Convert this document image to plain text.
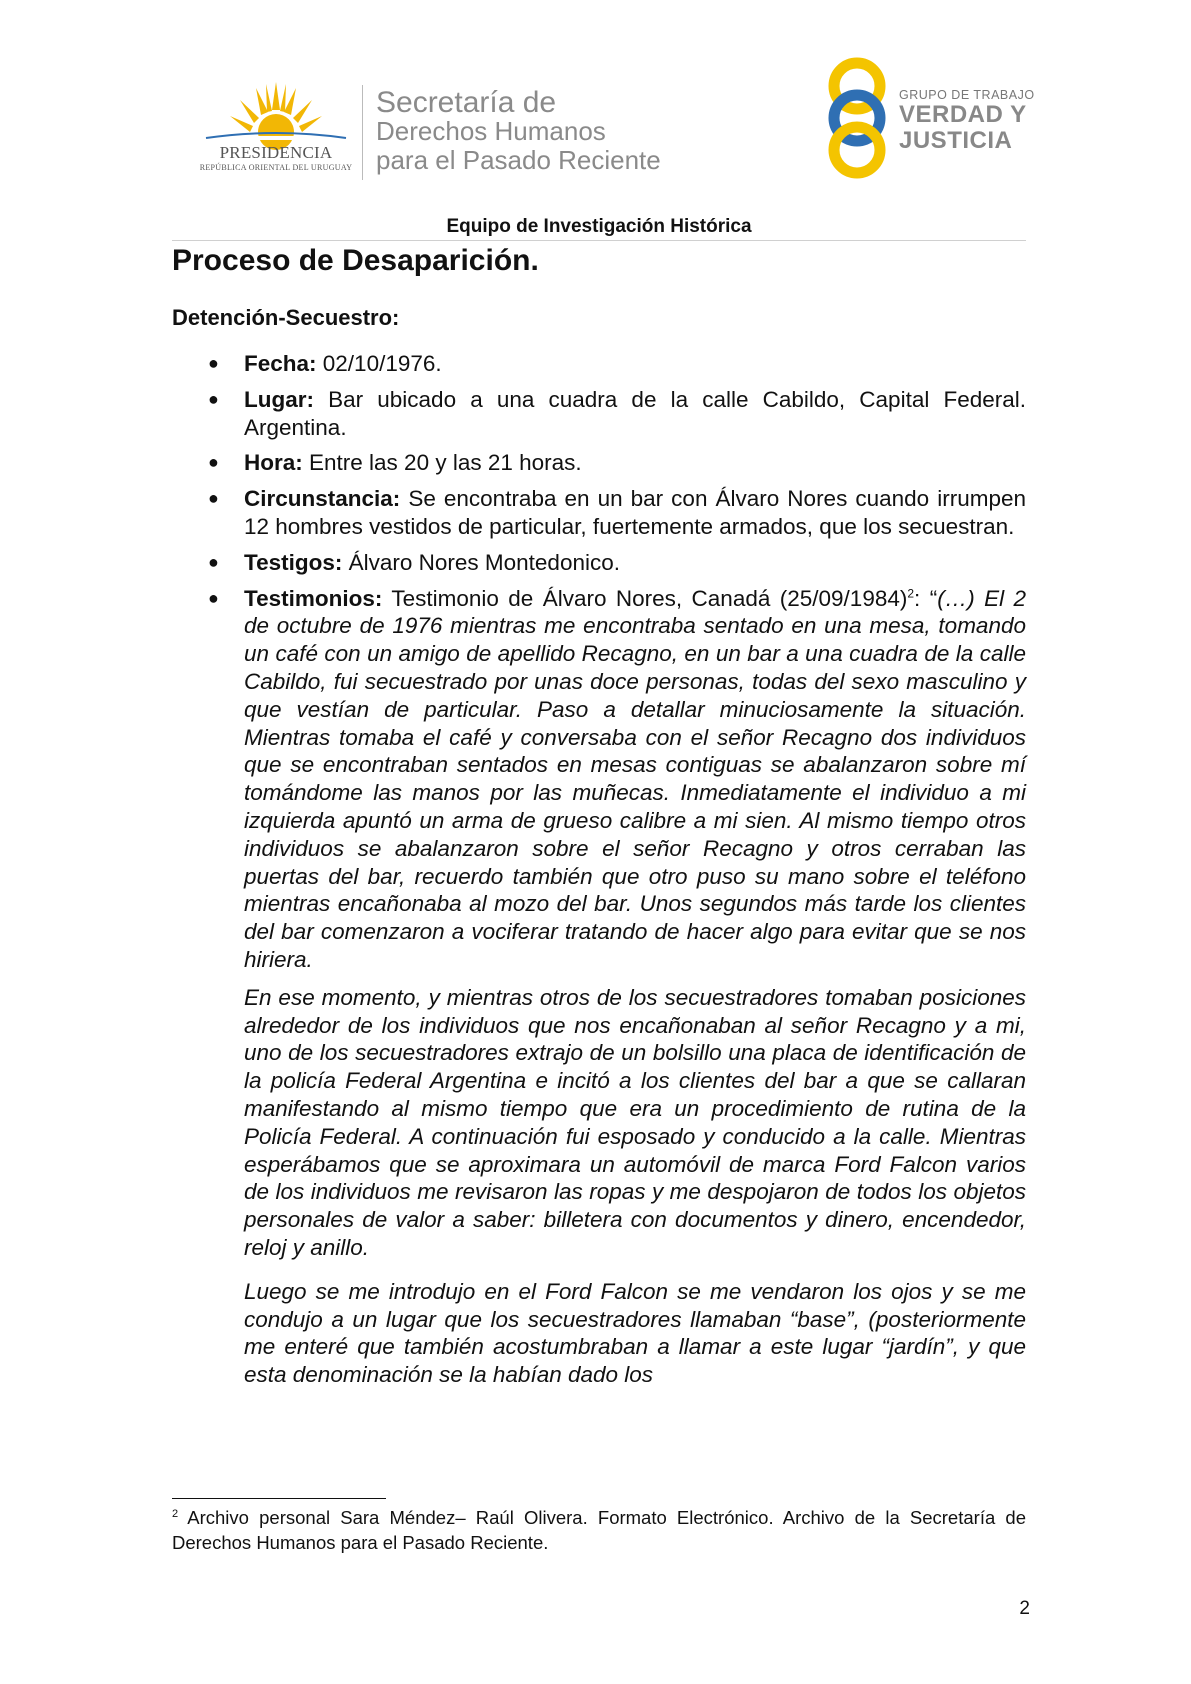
PRESIDENCIA
REPÚBLICA ORIENTAL DEL URUGUAY
Secretaría de
Derechos Humanos
para el Pasado Reciente
GRUPO DE TRABAJO
VERDAD Y
JUSTICIA
Equipo de Investigación Histórica
Proceso de Desaparición.
Detención-Secuestro:
● Fecha: 02/10/1976.
● Lugar: Bar ubicado a una cuadra de la calle Cabildo, Capital Federal. Argentina.
● Hora: Entre las 20 y las 21 horas.
● Circunstancia: Se encontraba en un bar con Álvaro Nores cuando irrumpen 12 hombres vestidos de particular, fuertemente armados, que los secuestran.
● Testigos: Álvaro Nores Montedonico.
● Testimonios: Testimonio de Álvaro Nores, Canadá $(25/09/1984)^2$: “(…) El 2 de octubre de 1976 mientras me encontraba sentado en una mesa, tomando un café con un amigo de apellido Recagno, en un bar a una cuadra de la calle Cabildo, fui secuestrado por unas doce personas, todas del sexo masculino y que vestían de particular. Paso a detallar minuciosamente la situación. Mientras tomaba el café y conversaba con el señor Recagno dos individuos que se encontraban sentados en mesas contiguas se abalanzaron sobre mí tomándome las manos por las muñecas. Inmediatamente el individuo a mi izquierda apuntó un arma de grueso calibre a mi sien. Al mismo tiempo otros individuos se abalanzaron sobre el señor Recagno y otros cerraban las puertas del bar, recuerdo también que otro puso su mano sobre el teléfono mientras encañonaba al mozo del bar. Unos segundos más tarde los clientes del bar comenzaron a vociferar tratando de hacer algo para evitar que se nos hiriera.

En ese momento, y mientras otros de los secuestradores tomaban posiciones alrededor de los individuos que nos encañonaban al señor Recagno y a mi, uno de los secuestradores extrajo de un bolsillo una placa de identificación de la policía Federal Argentina e incitó a los clientes del bar a que se callaran manifestando al mismo tiempo que era un procedimiento de rutina de la Policía Federal. A continuación fui esposado y conducido a la calle. Mientras esperábamos que se aproximara un automóvil de marca Ford Falcon varios de los individuos me revisaron las ropas y me despojaron de todos los objetos personales de valor a saber: billetera con documentos y dinero, encendedor, reloj y anillo.

Luego se me introdujo en el Ford Falcon se me vendaron los ojos y se me condujo a un lugar que los secuestradores llamaban “base”, (posteriormente me enteré que también acostumbraban a llamar a este lugar “jardín”, y que esta denominación se la habían dado los

$^2$ Archivo personal Sara Méndez– Raúl Olivera. Formato Electrónico. Archivo de la Secretaría de Derechos Humanos para el Pasado Reciente.
2
